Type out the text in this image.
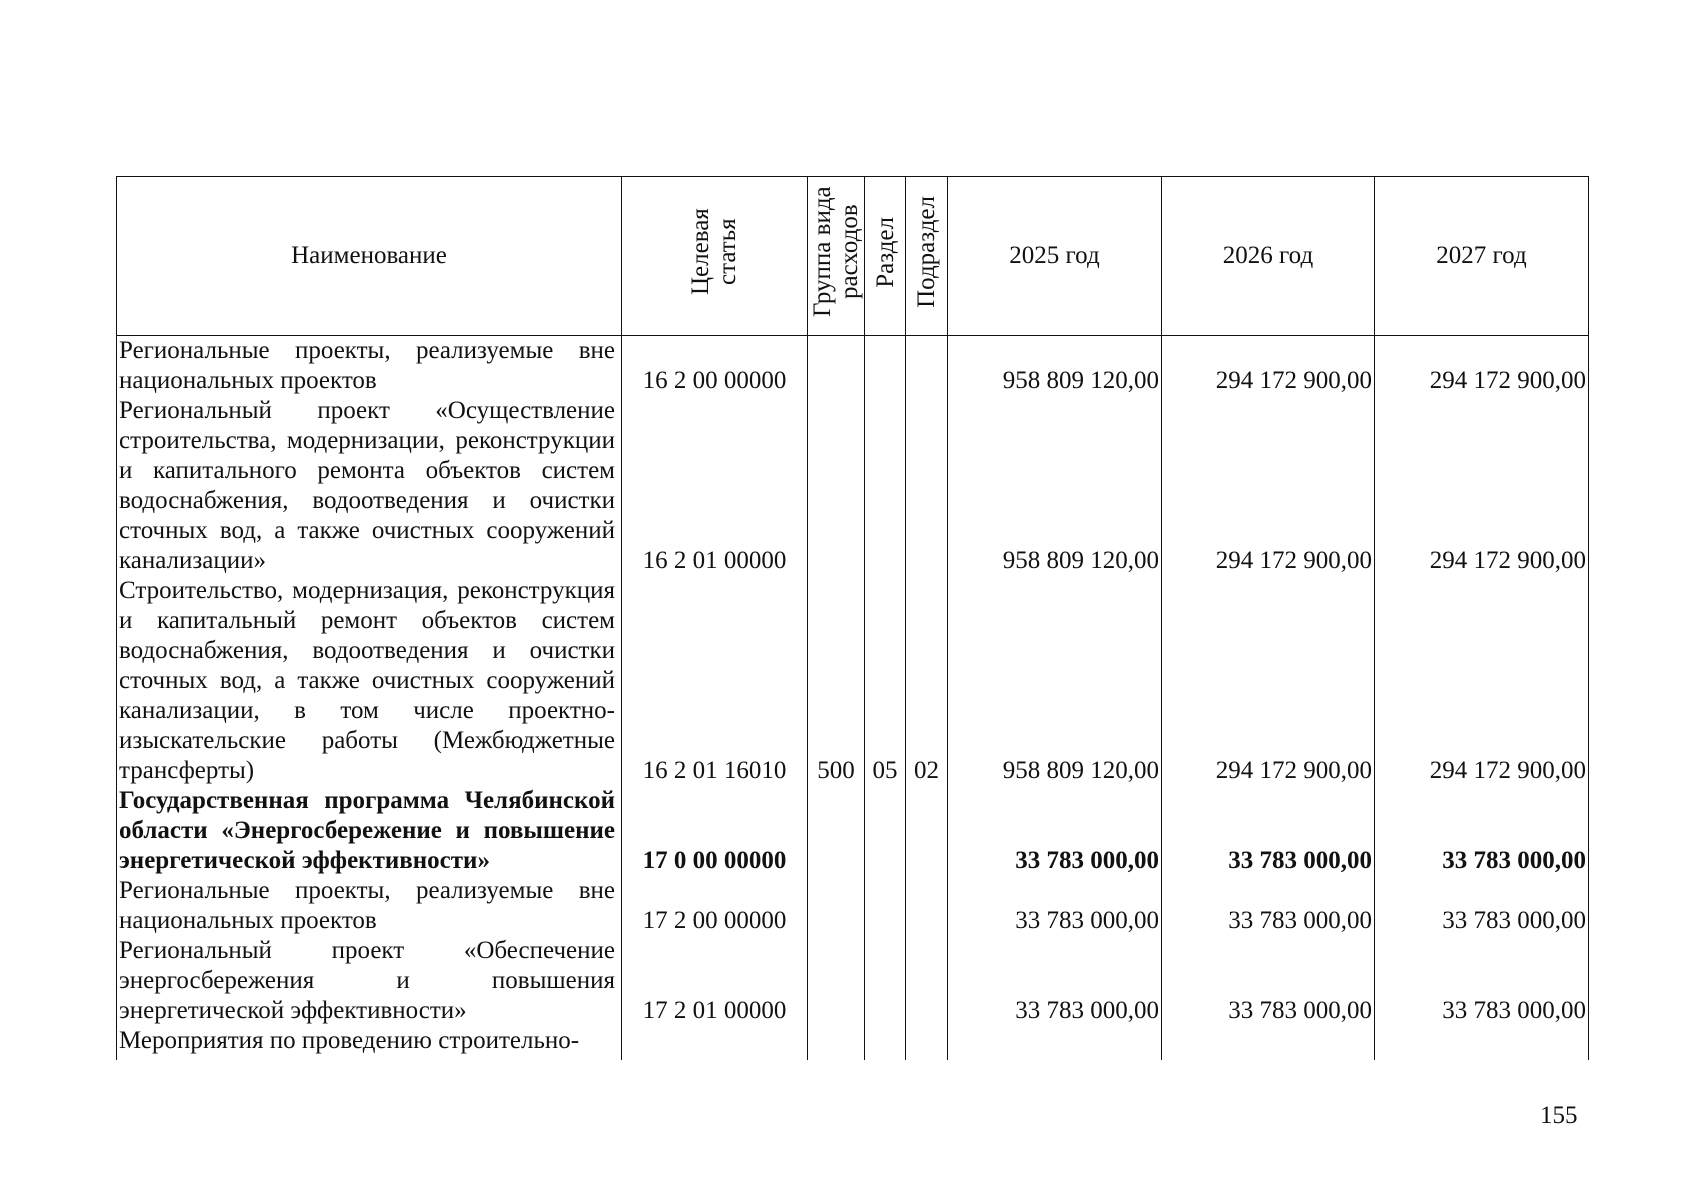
Наименование	Целевая статья	Группа вида расходов	Раздел	Подраздел	2025 год	2026 год	2027 год
Региональные проекты, реализуемые вне национальных проектов	16 2 00 00000				958 809 120,00	294 172 900,00	294 172 900,00
Региональный проект «Осуществление строительства, модернизации, реконструкции и капитального ремонта объектов систем водоснабжения, водоотведения и очистки сточных вод, а также очистных сооружений канализации»	16 2 01 00000				958 809 120,00	294 172 900,00	294 172 900,00
Строительство, модернизация, реконструкция и капитальный ремонт объектов систем водоснабжения, водоотведения и очистки сточных вод, а также очистных сооружений канализации, в том числе проектно-изыскательские работы (Межбюджетные трансферты)	16 2 01 16010	500	05	02	958 809 120,00	294 172 900,00	294 172 900,00
Государственная программа Челябинской области «Энергосбережение и повышение энергетической эффективности»	17 0 00 00000				33 783 000,00	33 783 000,00	33 783 000,00
Региональные проекты, реализуемые вне национальных проектов	17 2 00 00000				33 783 000,00	33 783 000,00	33 783 000,00
Региональный проект «Обеспечение энергосбережения и повышения энергетической эффективности»	17 2 01 00000				33 783 000,00	33 783 000,00	33 783 000,00
Мероприятия по проведению строительно-							
155
